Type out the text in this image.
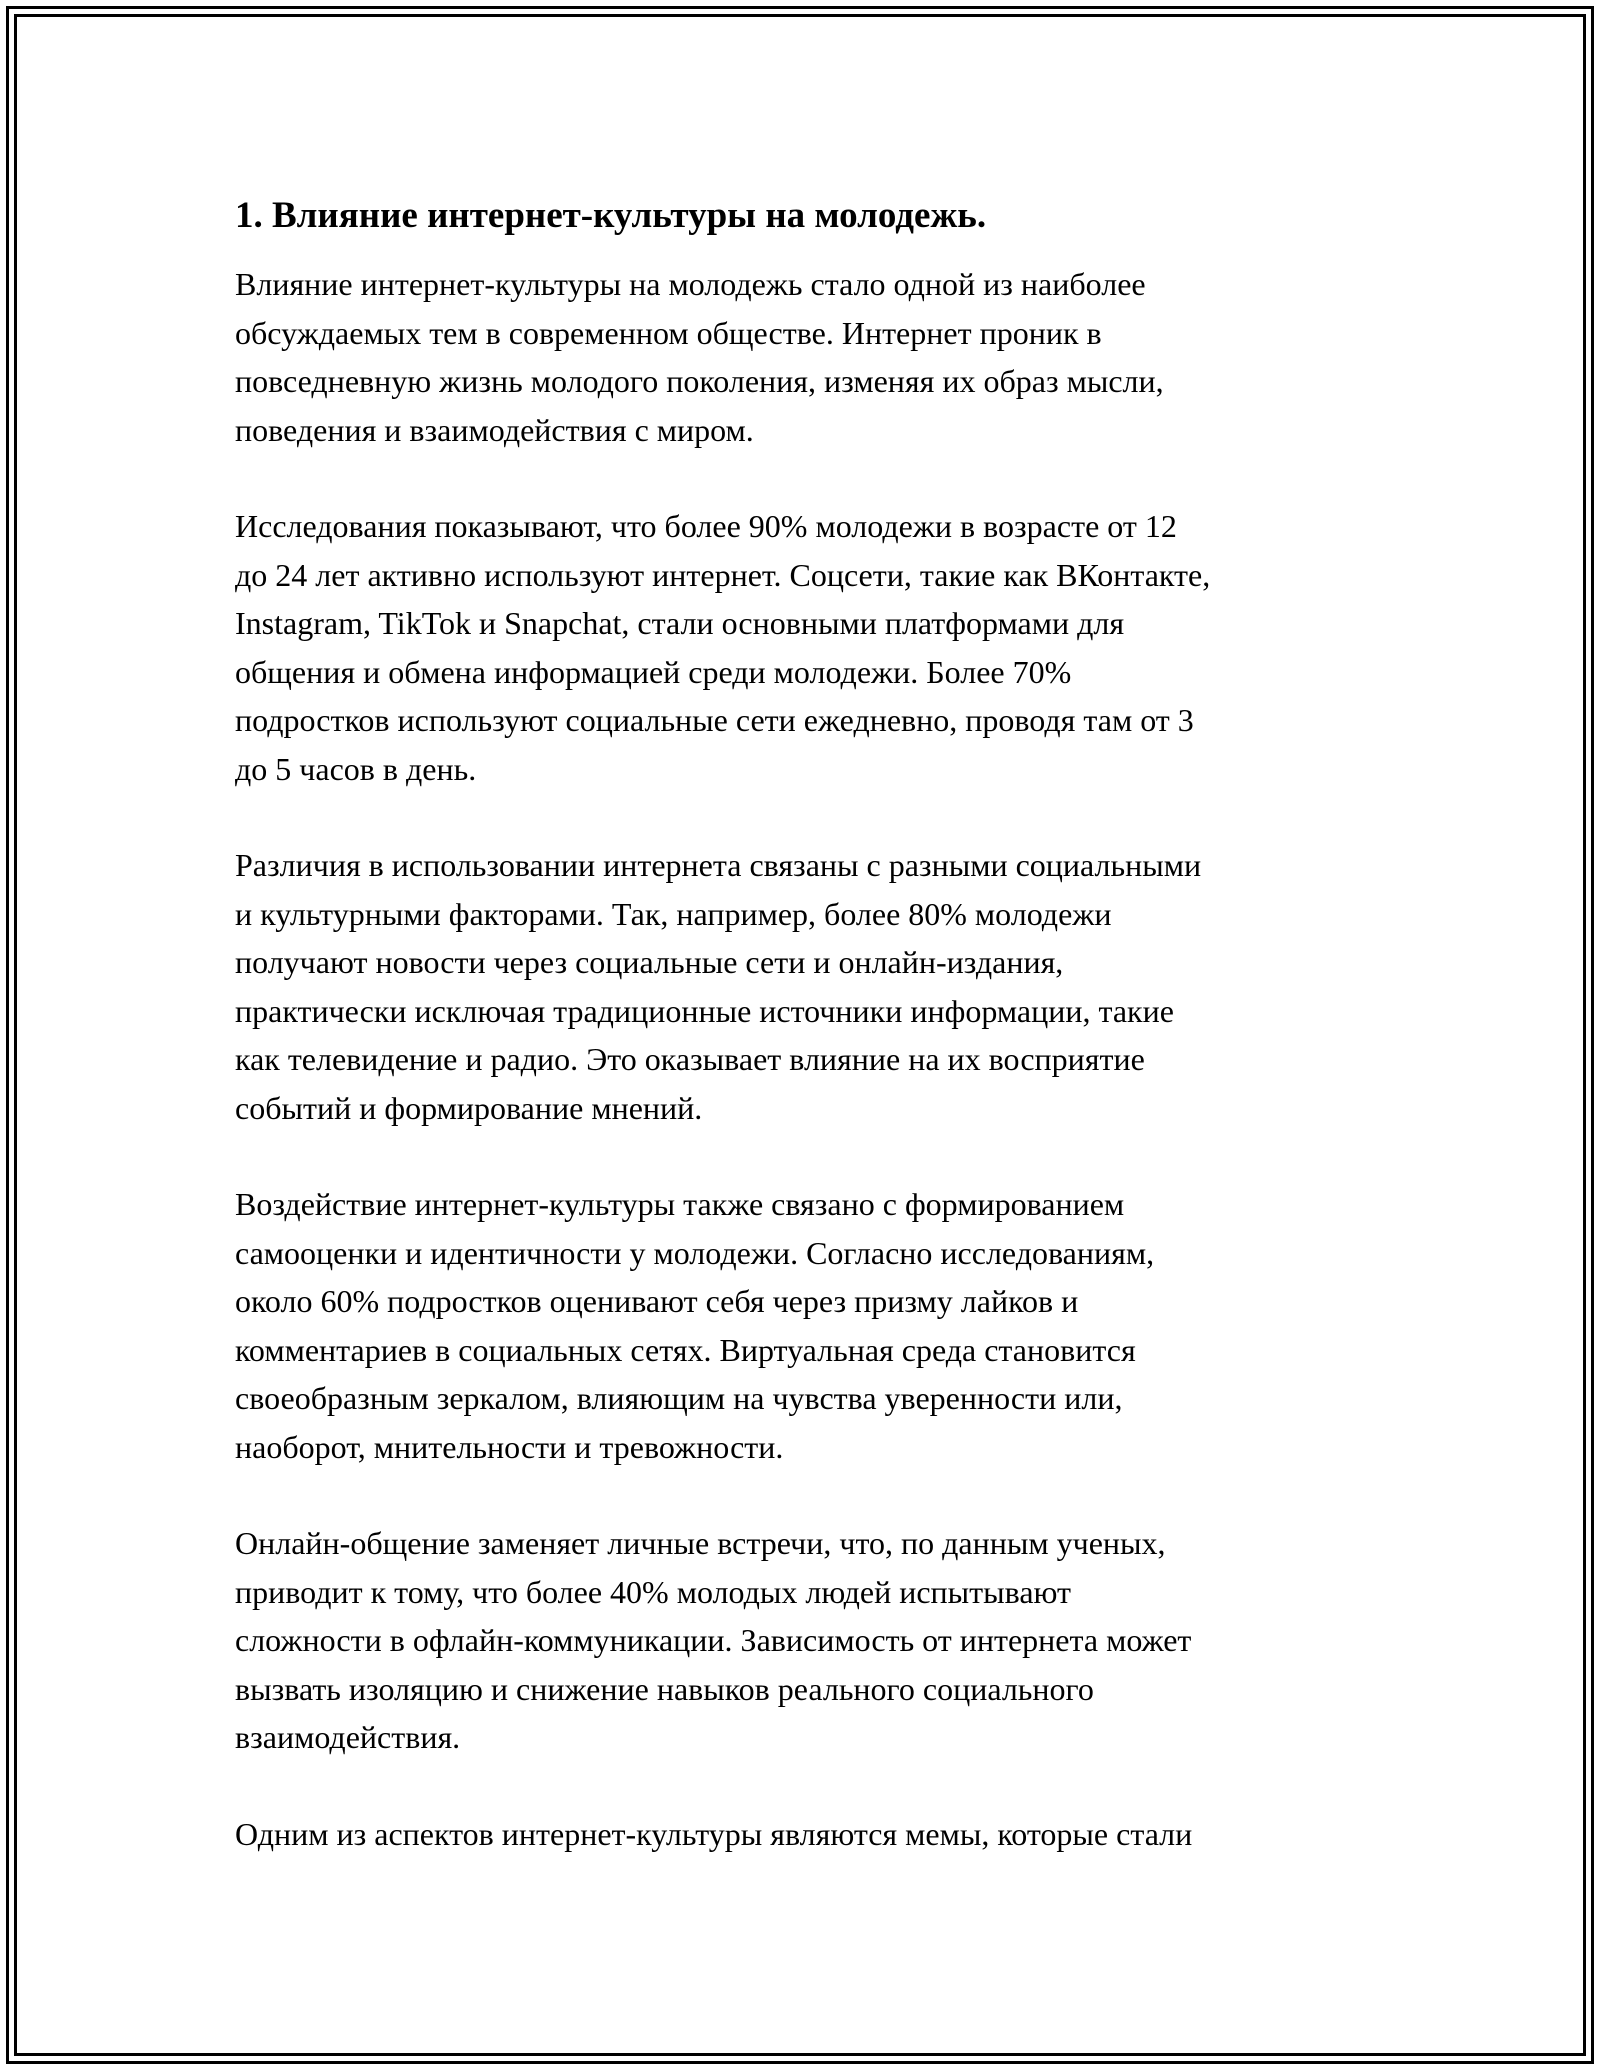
1. Влияние интернет-культуры на молодежь.

Влияние интернет-культуры на молодежь стало одной из наиболее
обсуждаемых тем в современном обществе. Интернет проник в
повседневную жизнь молодого поколения, изменяя их образ мысли,
поведения и взаимодействия с миром.

Исследования показывают, что более 90% молодежи в возрасте от 12
до 24 лет активно используют интернет. Соцсети, такие как ВКонтакте,
Instagram, TikTok и Snapchat, стали основными платформами для
общения и обмена информацией среди молодежи. Более 70%
подростков используют социальные сети ежедневно, проводя там от 3
до 5 часов в день.

Различия в использовании интернета связаны с разными социальными
и культурными факторами. Так, например, более 80% молодежи
получают новости через социальные сети и онлайн-издания,
практически исключая традиционные источники информации, такие
как телевидение и радио. Это оказывает влияние на их восприятие
событий и формирование мнений.

Воздействие интернет-культуры также связано с формированием
самооценки и идентичности у молодежи. Согласно исследованиям,
около 60% подростков оценивают себя через призму лайков и
комментариев в социальных сетях. Виртуальная среда становится
своеобразным зеркалом, влияющим на чувства уверенности или,
наоборот, мнительности и тревожности.

Онлайн-общение заменяет личные встречи, что, по данным ученых,
приводит к тому, что более 40% молодых людей испытывают
сложности в офлайн-коммуникации. Зависимость от интернета может
вызвать изоляцию и снижение навыков реального социального
взаимодействия.

Одним из аспектов интернет-культуры являются мемы, которые стали
